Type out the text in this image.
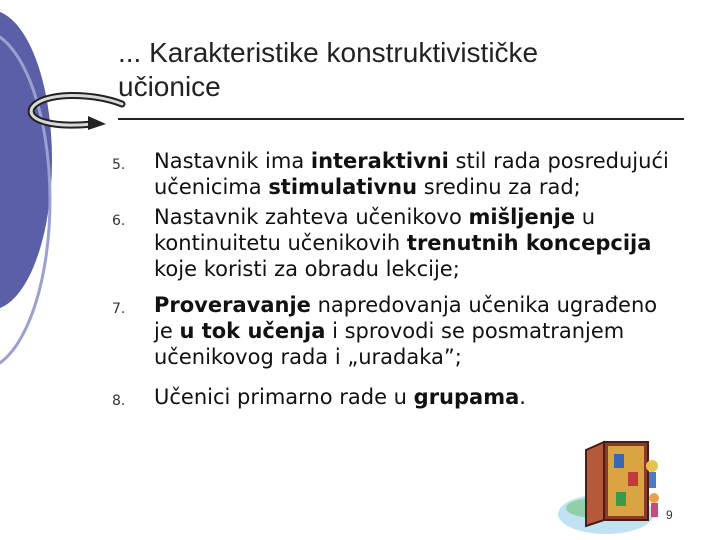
... Karakteristike konstruktivističke
učionice
5. Nastavnik ima interaktivni stil rada posredujući učenicima stimulativnu sredinu za rad;
6. Nastavnik zahteva učenikovo mišljenje u kontinuitetu učenikovih trenutnih koncepcija koje koristi za obradu lekcije;
7. Proveravanje napredovanja učenika ugrađeno je u tok učenja i sprovodi se posmatranjem učenikovog rada i „uradaka”;
8. Učenici primarno rade u grupama.
9
